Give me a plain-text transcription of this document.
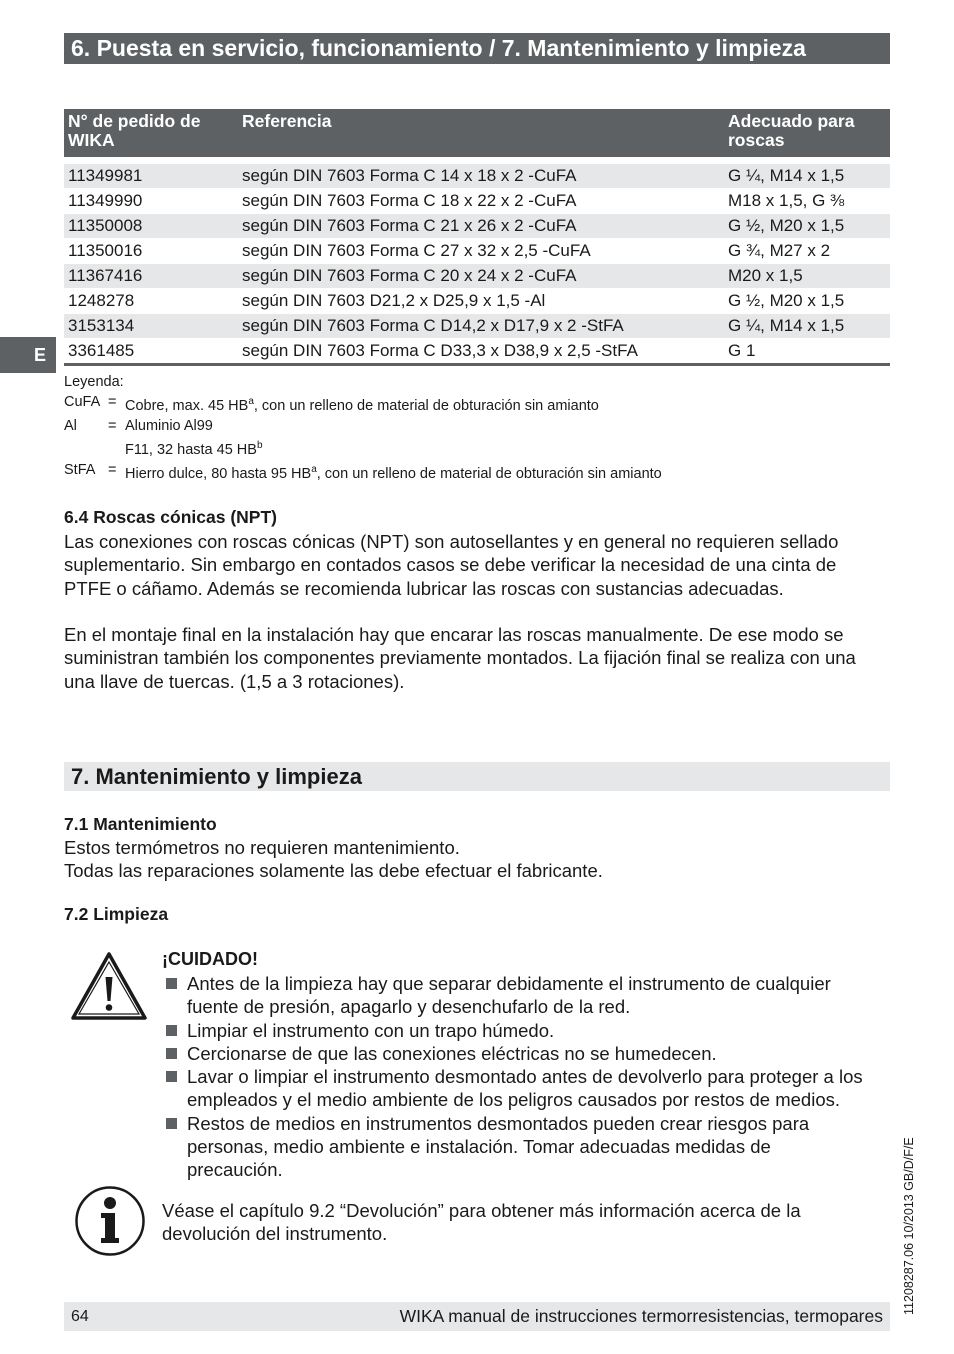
6. Puesta en servicio, funcionamiento / 7. Mantenimiento y limpieza
E
N° de pedido de WIKA	Referencia	Adecuado para roscas

11349981	según DIN 7603 Forma C 14 x 18 x 2 -CuFA	G ¼, M14 x 1,5
11349990	según DIN 7603 Forma C 18 x 22 x 2 -CuFA	M18 x 1,5, G ⅜
11350008	según DIN 7603 Forma C 21 x 26 x 2 -CuFA	G ½, M20 x 1,5
11350016	según DIN 7603 Forma C 27 x 32 x 2,5 -CuFA	G ¾, M27 x 2
11367416	según DIN 7603 Forma C 20 x 24 x 2 -CuFA	M20 x 1,5
1248278	según DIN 7603 D21,2 x D25,9 x 1,5 -Al	G ½, M20 x 1,5
3153134	según DIN 7603 Forma C D14,2 x D17,9 x 2 -StFA	G ¼, M14 x 1,5
3361485	según DIN 7603 Forma C D33,3 x D38,9 x 2,5 -StFA	G 1
Leyenda:
CuFA = Cobre, max. 45 $HB^a$, con un relleno de material de obturación sin amianto
Al	= Aluminio Al99
F11, 32 hasta 45 $HB^b$
StFA = Hierro dulce, 80 hasta 95 $HB^a$, con un relleno de material de obturación sin amianto
6.4 Roscas cónicas (NPT)
Las conexiones con roscas cónicas (NPT) son autosellantes y en general no requieren sellado
suplementario. Sin embargo en contados casos se debe verificar la necesidad de una cinta de
PTFE o cáñamo. Además se recomienda lubricar las roscas con sustancias adecuadas.
En el montaje final en la instalación hay que encarar las roscas manualmente. De ese modo se
suministran también los componentes previamente montados. La fijación final se realiza con una
una llave de tuercas. (1,5 a 3 rotaciones).
7. Mantenimiento y limpieza
7.1 Mantenimiento
Estos termómetros no requieren mantenimiento.
Todas las reparaciones solamente las debe efectuar el fabricante.
7.2 Limpieza
¡CUIDADO!
Antes de la limpieza hay que separar debidamente el instrumento de cualquier
fuente de presión, apagarlo y desenchufarlo de la red.
Limpiar el instrumento con un trapo húmedo.
Cercionarse de que las conexiones eléctricas no se humedecen.
Lavar o limpiar el instrumento desmontado antes de devolverlo para proteger a los
empleados y el medio ambiente de los peligros causados por restos de medios.
Restos de medios en instrumentos desmontados pueden crear riesgos para
personas, medio ambiente e instalación. Tomar adecuadas medidas de
precaución.
Véase el capítulo 9.2 “Devolución” para obtener más información acerca de la
devolución del instrumento.	11208287.06 10/2013 GB/D/F/E
64	WIKA manual de instrucciones termorresistencias, termopares
